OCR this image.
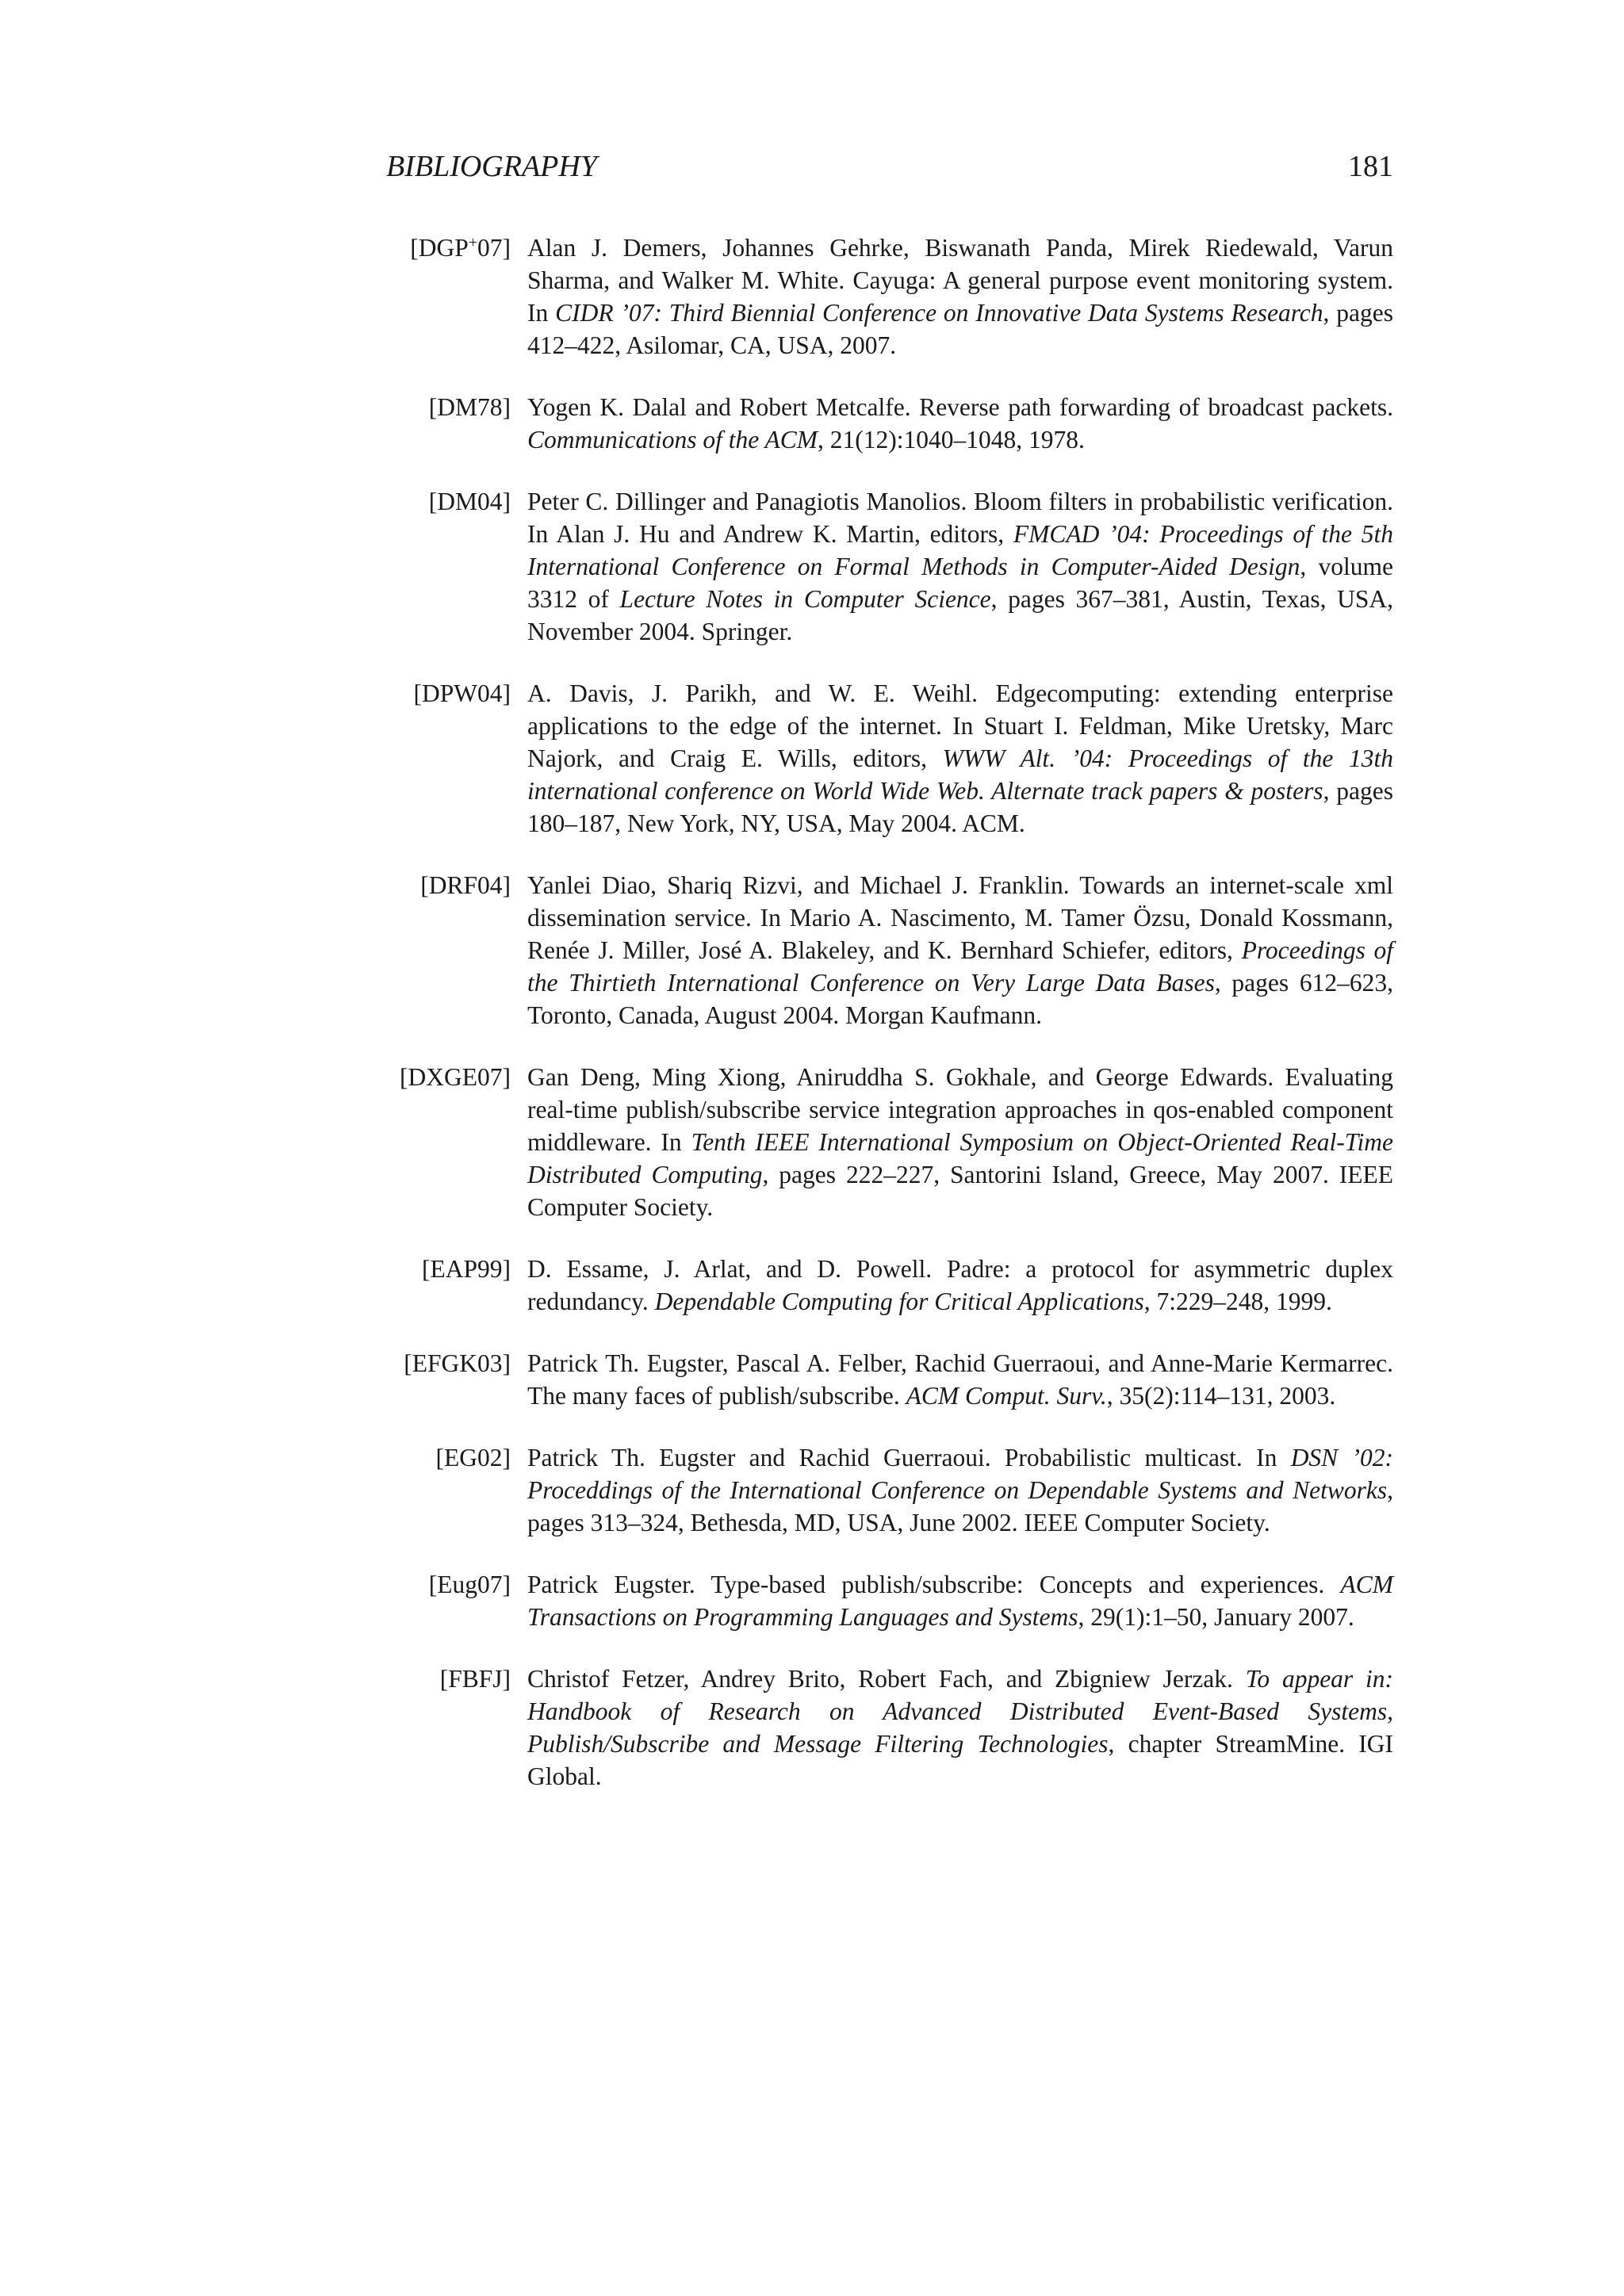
BIBLIOGRAPHY	181
[DGP+07] Alan J. Demers, Johannes Gehrke, Biswanath Panda, Mirek Riedewald, Varun Sharma, and Walker M. White. Cayuga: A general purpose event monitoring system. In CIDR ’07: Third Biennial Conference on Innovative Data Systems Research, pages 412–422, Asilomar, CA, USA, 2007.
[DM78] Yogen K. Dalal and Robert Metcalfe. Reverse path forwarding of broadcast packets. Communications of the ACM, 21(12):1040–1048, 1978.
[DM04] Peter C. Dillinger and Panagiotis Manolios. Bloom filters in probabilistic verification. In Alan J. Hu and Andrew K. Martin, editors, FMCAD ’04: Proceedings of the 5th International Conference on Formal Methods in Computer-Aided Design, volume 3312 of Lecture Notes in Computer Science, pages 367–381, Austin, Texas, USA, November 2004. Springer.
[DPW04] A. Davis, J. Parikh, and W. E. Weihl. Edgecomputing: extending enterprise applications to the edge of the internet. In Stuart I. Feldman, Mike Uretsky, Marc Najork, and Craig E. Wills, editors, WWW Alt. ’04: Proceedings of the 13th international conference on World Wide Web. Alternate track papers & posters, pages 180–187, New York, NY, USA, May 2004. ACM.
[DRF04] Yanlei Diao, Shariq Rizvi, and Michael J. Franklin. Towards an internet-scale xml dissemination service. In Mario A. Nascimento, M. Tamer Özsu, Donald Kossmann, Renée J. Miller, José A. Blakeley, and K. Bernhard Schiefer, editors, Proceedings of the Thirtieth International Conference on Very Large Data Bases, pages 612–623, Toronto, Canada, August 2004. Morgan Kaufmann.
[DXGE07] Gan Deng, Ming Xiong, Aniruddha S. Gokhale, and George Edwards. Evaluating real-time publish/subscribe service integration approaches in qos-enabled component middleware. In Tenth IEEE International Symposium on Object-Oriented Real-Time Distributed Computing, pages 222–227, Santorini Island, Greece, May 2007. IEEE Computer Society.
[EAP99] D. Essame, J. Arlat, and D. Powell. Padre: a protocol for asymmetric duplex redundancy. Dependable Computing for Critical Applications, 7:229–248, 1999.
[EFGK03] Patrick Th. Eugster, Pascal A. Felber, Rachid Guerraoui, and Anne-Marie Kermarrec. The many faces of publish/subscribe. ACM Comput. Surv., 35(2):114–131, 2003.
[EG02] Patrick Th. Eugster and Rachid Guerraoui. Probabilistic multicast. In DSN ’02: Proceddings of the International Conference on Dependable Systems and Networks, pages 313–324, Bethesda, MD, USA, June 2002. IEEE Computer Society.
[Eug07] Patrick Eugster. Type-based publish/subscribe: Concepts and experiences. ACM Transactions on Programming Languages and Systems, 29(1):1–50, January 2007.
[FBFJ] Christof Fetzer, Andrey Brito, Robert Fach, and Zbigniew Jerzak. To appear in: Handbook of Research on Advanced Distributed Event-Based Systems, Publish/Subscribe and Message Filtering Technologies, chapter StreamMine. IGI Global.
